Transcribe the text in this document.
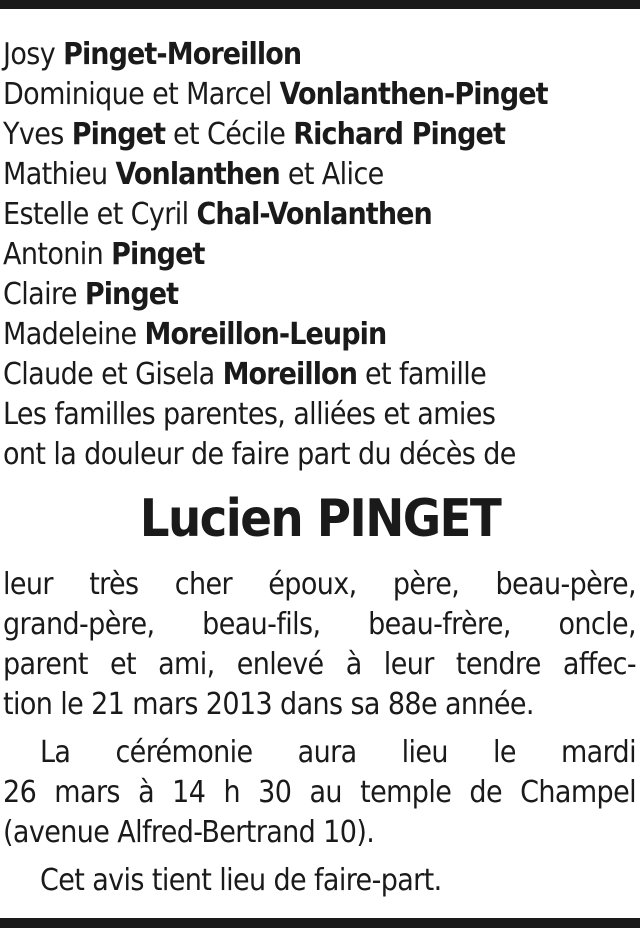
Josy Pinget-Moreillon
Dominique et Marcel Vonlanthen-Pinget
Yves Pinget et Cécile Richard Pinget
Mathieu Vonlanthen et Alice
Estelle et Cyril Chal-Vonlanthen
Antonin Pinget
Claire Pinget
Madeleine Moreillon-Leupin
Claude et Gisela Moreillon et famille
Les familles parentes, alliées et amies
ont la douleur de faire part du décès de
Lucien PINGET
leur très cher époux, père, beau-père,
grand-père, beau-fils, beau-frère, oncle,
parent et ami, enlevé à leur tendre affec-
tion le 21 mars 2013 dans sa 88e année.
La cérémonie aura lieu le mardi
26 mars à 14 h 30 au temple de Champel
(avenue Alfred-Bertrand 10).
Cet avis tient lieu de faire-part.
